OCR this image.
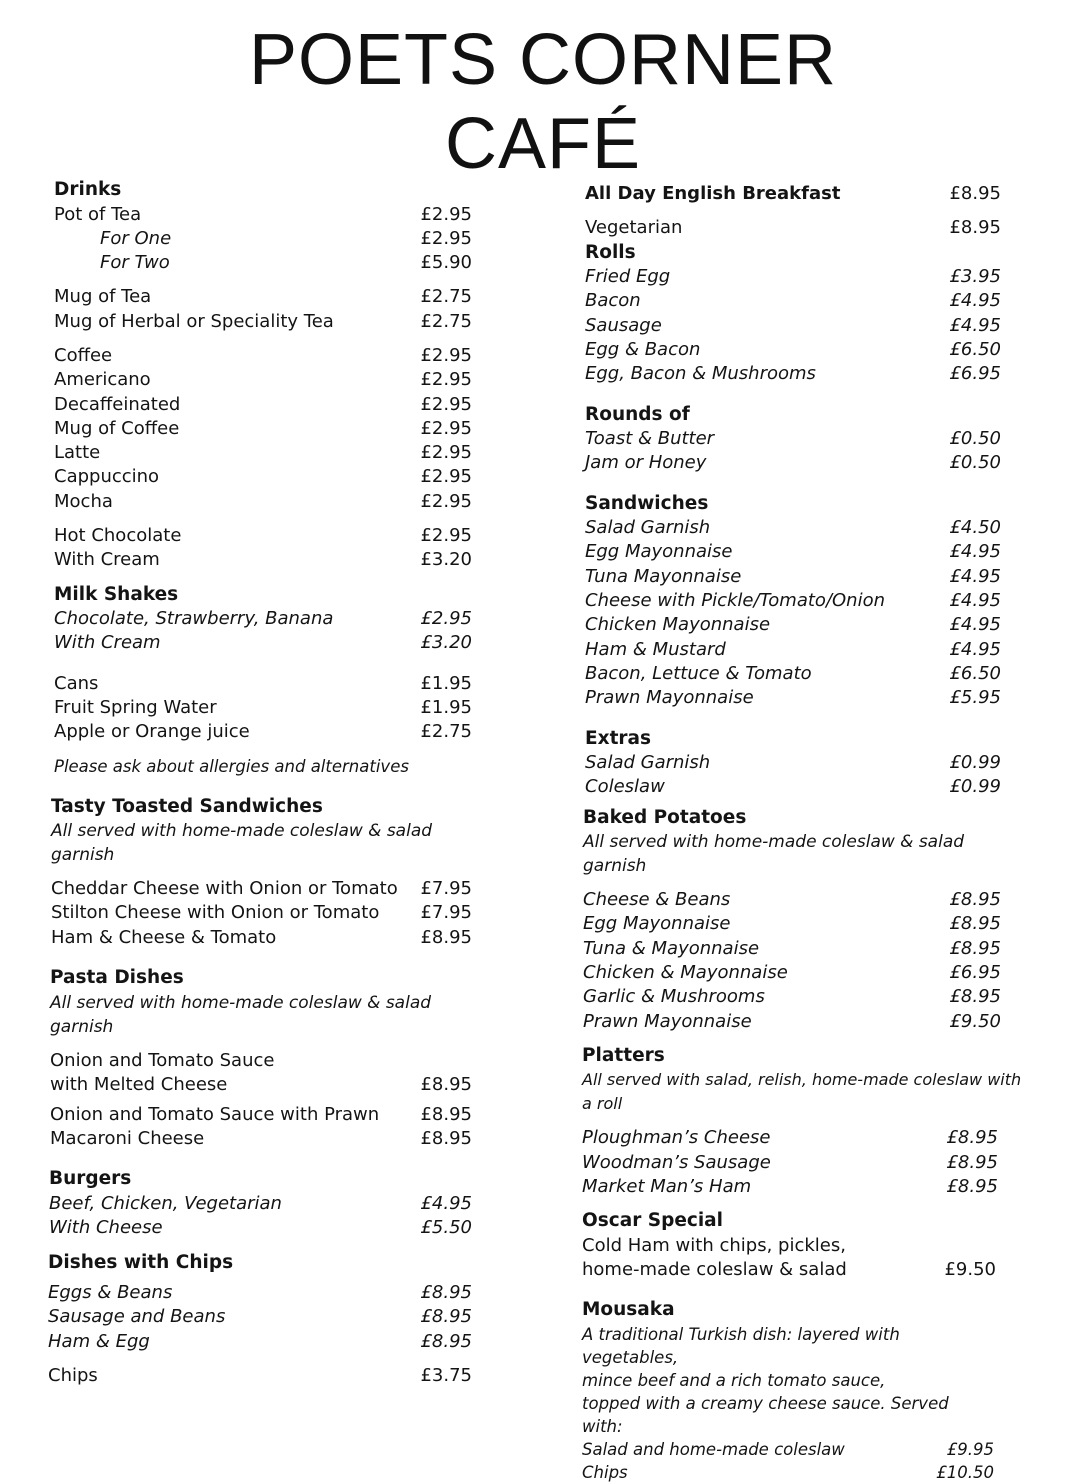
POETS CORNER
CAFÉ
Drinks
Pot of Tea	£2.95
For One	£2.95
For Two	£5.90
Mug of Tea	£2.75
Mug of Herbal or Speciality Tea	£2.75
Coffee	£2.95
Americano	£2.95
Decaffeinated	£2.95
Mug of Coffee	£2.95
Latte	£2.95
Cappuccino	£2.95
Mocha	£2.95
Hot Chocolate	£2.95
With Cream	£3.20
Milk Shakes
Chocolate, Strawberry, Banana	£2.95
With Cream	£3.20
Cans	£1.95
Fruit Spring Water	£1.95
Apple or Orange juice	£2.75
Please ask about allergies and alternatives
Tasty Toasted Sandwiches
All served with home-made coleslaw & salad garnish
Cheddar Cheese with Onion or Tomato £7.95
Stilton Cheese with Onion or Tomato £7.95
Ham & Cheese & Tomato	£8.95
Pasta Dishes
All served with home-made coleslaw & salad garnish
Onion and Tomato Sauce
with Melted Cheese	£8.95
Onion and Tomato Sauce with Prawn £8.95
Macaroni Cheese	£8.95
Burgers
Beef, Chicken, Vegetarian	£4.95
With Cheese	£5.50
Dishes with Chips
Eggs & Beans	£8.95
Sausage and Beans	£8.95
Ham & Egg	£8.95
Chips	£3.75
All Day English Breakfast	£8.95
Vegetarian	£8.95
Rolls
Fried Egg	£3.95
Bacon	£4.95
Sausage	£4.95
Egg & Bacon	£6.50
Egg, Bacon & Mushrooms	£6.95
Rounds of
Toast & Butter	£0.50
Jam or Honey	£0.50
Sandwiches
Salad Garnish	£4.50
Egg Mayonnaise	£4.95
Tuna Mayonnaise	£4.95
Cheese with Pickle/Tomato/Onion	£4.95
Chicken Mayonnaise	£4.95
Ham & Mustard	£4.95
Bacon, Lettuce & Tomato	£6.50
Prawn Mayonnaise	£5.95
Extras
Salad Garnish	£0.99
Coleslaw	£0.99
Baked Potatoes
All served with home-made coleslaw & salad garnish
Cheese & Beans	£8.95
Egg Mayonnaise	£8.95
Tuna & Mayonnaise	£8.95
Chicken & Mayonnaise	£6.95
Garlic & Mushrooms	£8.95
Prawn Mayonnaise	£9.50
Platters
All served with salad, relish, home-made coleslaw with a roll
Ploughman’s Cheese	£8.95
Woodman’s Sausage	£8.95
Market Man’s Ham	£8.95
Oscar Special
Cold Ham with chips, pickles,
home-made coleslaw & salad	£9.50
Mousaka
A traditional Turkish dish: layered with vegetables,
mince beef and a rich tomato sauce,
topped with a creamy cheese sauce. Served with:
Salad and home-made coleslaw	£9.95
Chips	£10.50
